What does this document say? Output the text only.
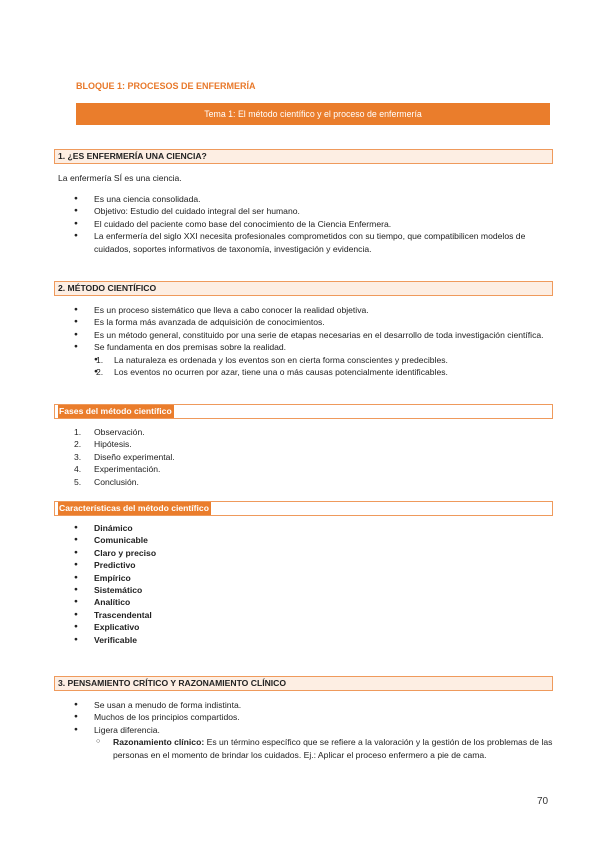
BLOQUE 1: PROCESOS DE ENFERMERÍA
Tema 1: El método científico y el proceso de enfermería
1. ¿ES ENFERMERÍA UNA CIENCIA?
La enfermería SÍ es una ciencia.
● Es una ciencia consolidada.
● Objetivo: Estudio del cuidado integral del ser humano.
● El cuidado del paciente como base del conocimiento de la Ciencia Enfermera.
● La enfermería del siglo XXI necesita profesionales comprometidos con su tiempo, que compatibilicen modelos de cuidados, soportes informativos de taxonomía, investigación y evidencia.
2. MÉTODO CIENTÍFICO
● Es un proceso sistemático que lleva a cabo conocer la realidad objetiva.
● Es la forma más avanzada de adquisición de conocimientos.
● Es un método general, constituido por una serie de etapas necesarias en el desarrollo de toda investigación científica.
● Se fundamenta en dos premisas sobre la realidad.
● 1. La naturaleza es ordenada y los eventos son en cierta forma conscientes y predecibles.
● 2. Los eventos no ocurren por azar, tiene una o más causas potencialmente identificables.
Fases del método científico
1. Observación.
2. Hipótesis.
3. Diseño experimental.
4. Experimentación.
5. Conclusión.
Características del método científico
● Dinámico
● Comunicable
● Claro y preciso
● Predictivo
● Empírico
● Sistemático
● Analítico
● Trascendental
● Explicativo
● Verificable
3. PENSAMIENTO CRÍTICO Y RAZONAMIENTO CLÍNICO
● Se usan a menudo de forma indistinta.
● Muchos de los principios compartidos.
● Ligera diferencia.
○ Razonamiento clínico: Es un término específico que se refiere a la valoración y la gestión de los problemas de las personas en el momento de brindar los cuidados. Ej.: Aplicar el proceso enfermero a pie de cama.
70
